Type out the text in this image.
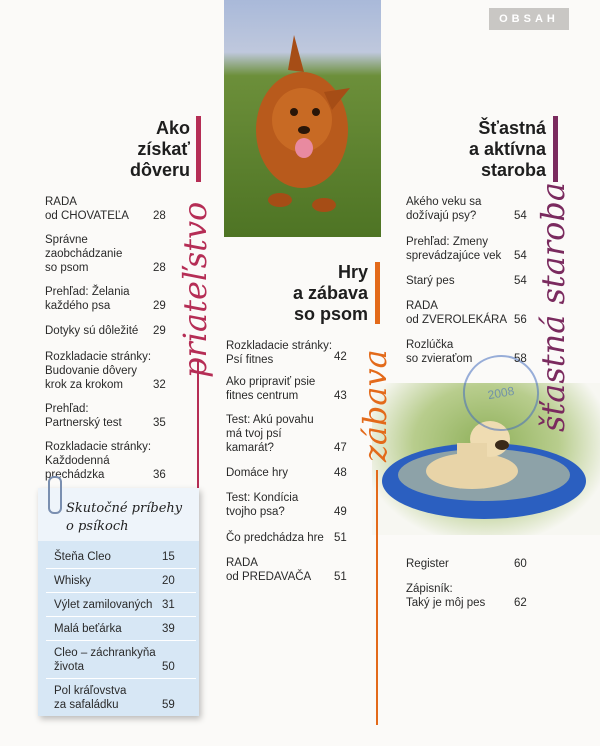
OBSAH
2008
Ako
získať
dôveru
priateľstvo
RADA
od CHOVATEĽA	28
Správne
zaobchádzanie
so psom	28
Prehľad: Želania
každého psa	29
Dotyky sú dôležité	29
Rozkladacie stránky:
Budovanie dôvery
krok za krokom	32
Prehľad:
Partnerský test	35
Rozkladacie stránky:
Každodenná
prechádzka	36
Skutočné príbehy
o psíkoch
Šteňa Cleo	15
Whisky	20
Výlet zamilovaných 31
Malá beťárka	39
Cleo – záchrankyňa
života	50
Pol kráľovstva
za safaládku	59
Hry
a zábava
so psom
zábava
Rozkladacie stránky:
Psí fitnes	42
Ako pripraviť psie
fitnes centrum	43
Test: Akú povahu
má tvoj psí
kamarát?	47
Domáce hry	48
Test: Kondícia
tvojho psa?	49
Čo predchádza hre 51
RADA
od PREDAVAČA	51
Šťastná
a aktívna
staroba
šťastná staroba
Akého veku sa
dožívajú psy?	54
Prehľad: Zmeny
sprevádzajúce vek	54
Starý pes	54
RADA
od ZVEROLEKÁRA 56
Rozlúčka
so zvieraťom	58
Register	60
Zápisník:
Taký je môj pes	62
